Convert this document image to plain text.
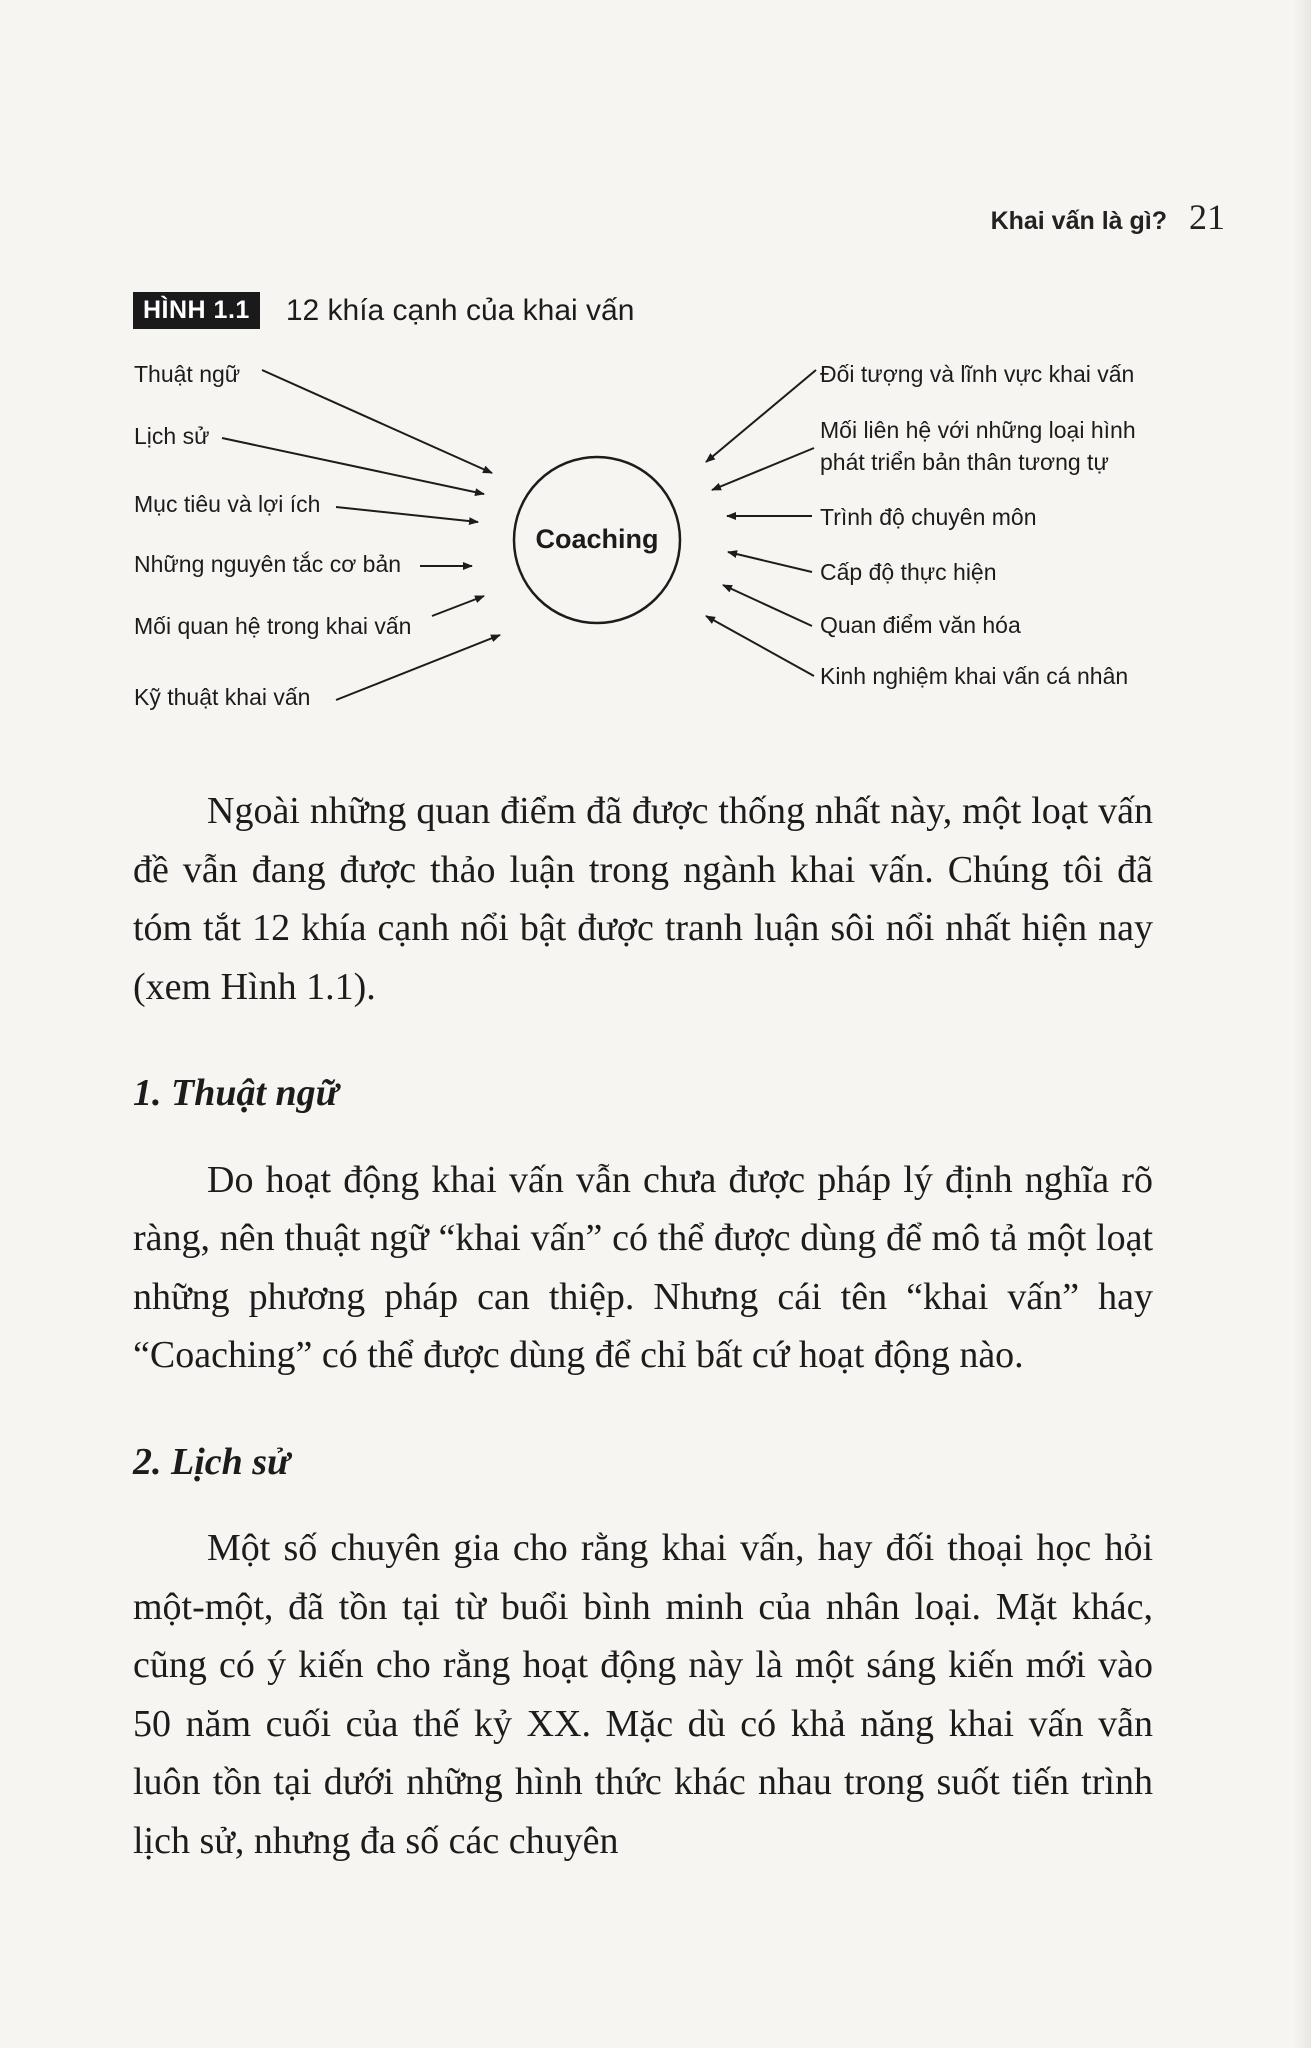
Khai vấn là gì? 21
HÌNH 1.1	12 khía cạnh của khai vấn
Coaching
Thuật ngữ
Lịch sử
Mục tiêu và lợi ích
Những nguyên tắc cơ bản
Mối quan hệ trong khai vấn
Kỹ thuật khai vấn
Đối tượng và lĩnh vực khai vấn
Mối liên hệ với những loại hình
phát triển bản thân tương tự
Trình độ chuyên môn
Cấp độ thực hiện
Quan điểm văn hóa
Kinh nghiệm khai vấn cá nhân

Ngoài những quan điểm đã được thống nhất này, một loạt vấn đề vẫn đang được thảo luận trong ngành khai vấn. Chúng tôi đã tóm tắt 12 khía cạnh nổi bật được tranh luận sôi nổi nhất hiện nay (xem Hình 1.1).

1. Thuật ngữ

Do hoạt động khai vấn vẫn chưa được pháp lý định nghĩa rõ ràng, nên thuật ngữ “khai vấn” có thể được dùng để mô tả một loạt những phương pháp can thiệp. Nhưng cái tên “khai vấn” hay “Coaching” có thể được dùng để chỉ bất cứ hoạt động nào.

2. Lịch sử

Một số chuyên gia cho rằng khai vấn, hay đối thoại học hỏi một-một, đã tồn tại từ buổi bình minh của nhân loại. Mặt khác, cũng có ý kiến cho rằng hoạt động này là một sáng kiến mới vào 50 năm cuối của thế kỷ XX. Mặc dù có khả năng khai vấn vẫn luôn tồn tại dưới những hình thức khác nhau trong suốt tiến trình lịch sử, nhưng đa số các chuyên
